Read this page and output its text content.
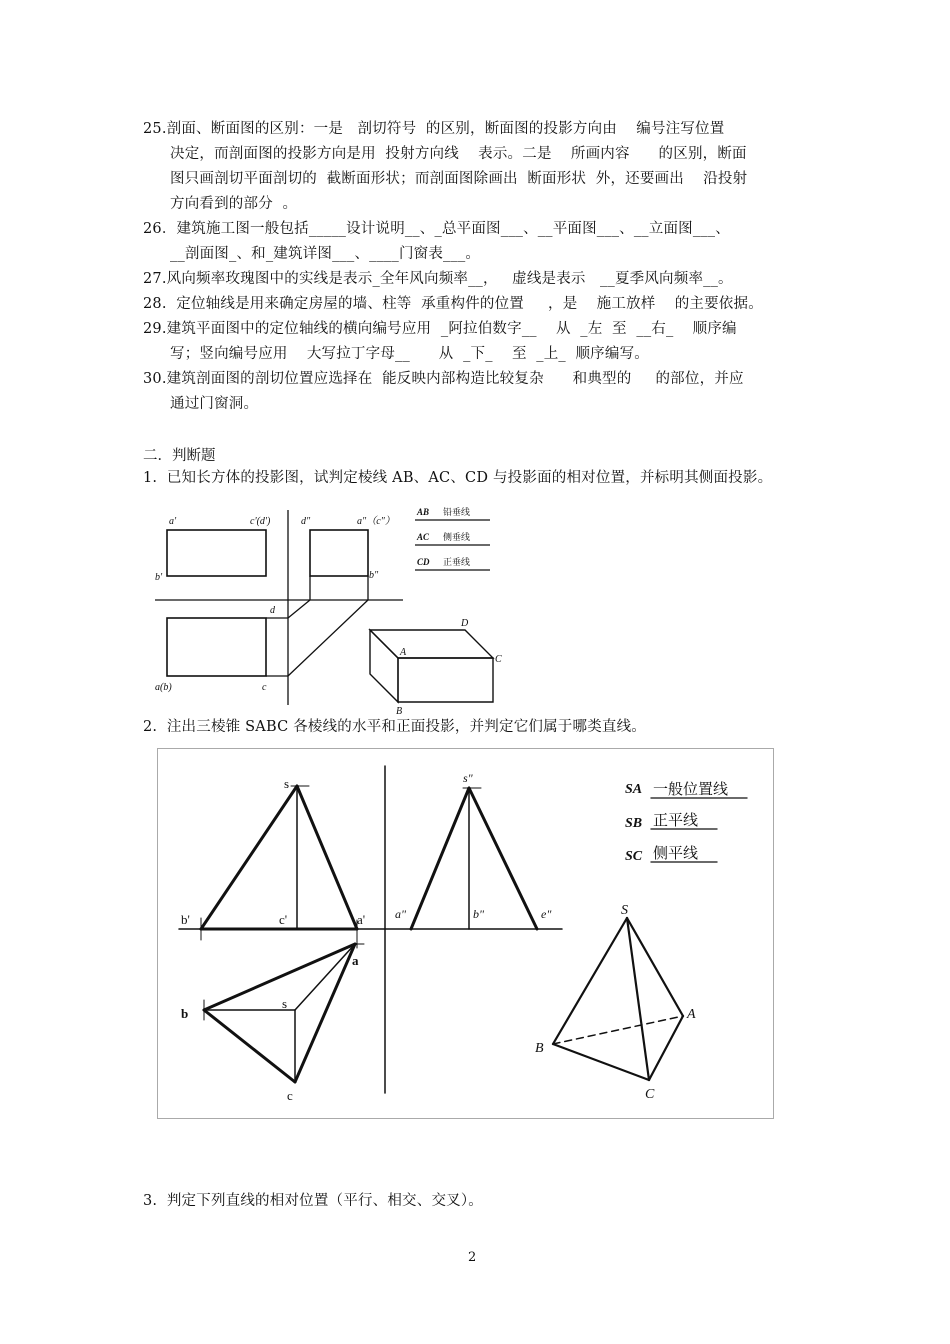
25.剖面、断面图的区别：一是   剖切符号  的区别，断面图的投影方向由    编号注写位置
决定，而剖面图的投影方向是用  投射方向线    表示。二是    所画内容      的区别，断面
图只画剖切平面剖切的  截断面形状；而剖面图除画出  断面形状  外，还要画出    沿投射
方向看到的部分  。
26．建筑施工图一般包括_____设计说明__、_总平面图___、__平面图___、__立面图___、
__剖面图_、和_建筑详图___、____门窗表___。
27.风向频率玫瑰图中的实线是表示_全年风向频率__，   虚线是表示   __夏季风向频率__。
28.  定位轴线是用来确定房屋的墙、柱等  承重构件的位置     ，是    施工放样    的主要依据。
29.建筑平面图中的定位轴线的横向编号应用  _阿拉伯数字__    从  _左  至  __右_    顺序编
写；竖向编号应用    大写拉丁字母__      从  _下_    至  _上_  顺序编写。
30.建筑剖面图的剖切位置应选择在  能反映内部构造比较复杂      和典型的     的部位，并应
通过门窗洞。
二．判断题
1.  已知长方体的投影图，试判定棱线 AB、AC、CD 与投影面的相对位置，并标明其侧面投影。
a'	c'(d')
b'
d"	a"（c"）
b"
d
a(b)	c
A
B
C
D
AB 铅垂线
AC 侧垂线
CD 正垂线
2.  注出三棱锥 SABC 各棱线的水平和正面投影，并判定它们属于哪类直线。
s
b'	c'	a'
a
b
s
c
s"
a"	b"	e"	S
A
B
C
SA
SB
SC
一般位置线
正平线
侧平线
3.  判定下列直线的相对位置（平行、相交、交叉）。
2
